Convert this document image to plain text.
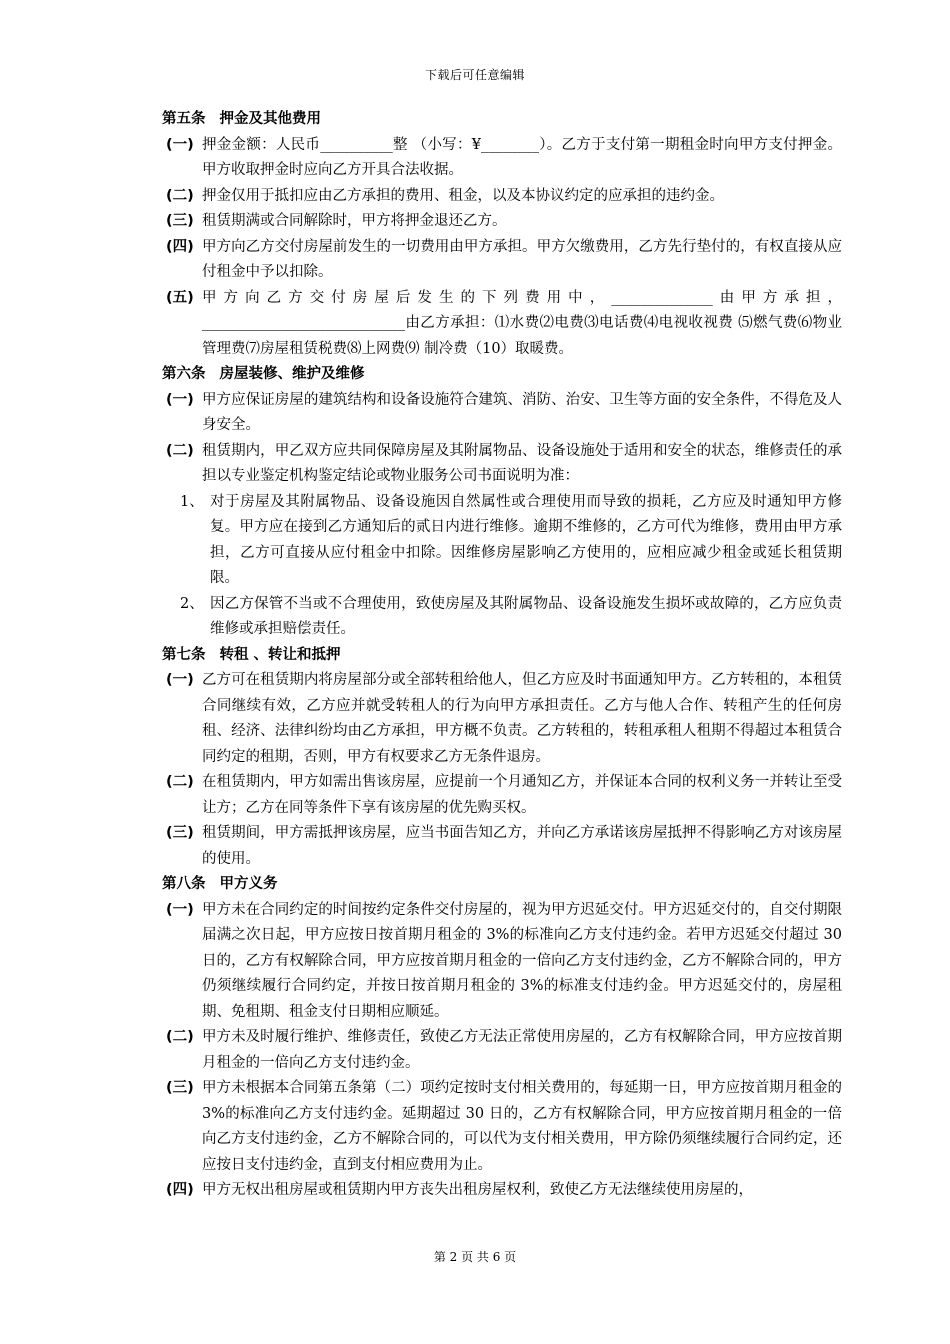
下载后可任意编辑

第五条 押金及其他费用

(一) 押金金额：人民币__________整 （小写：¥________）。乙方于支付第一期租金时向甲方支付押金。甲方收取押金时应向乙方开具合法收据。
(二) 押金仅用于抵扣应由乙方承担的费用、租金，以及本协议约定的应承担的违约金。
(三) 租赁期满或合同解除时，甲方将押金退还乙方。
(四) 甲方向乙方交付房屋前发生的一切费用由甲方承担。甲方欠缴费用，乙方先行垫付的，有权直接从应付租金中予以扣除。
(五) 甲方向乙方交付房屋后发生的下列费用中，______________由甲方承担，____________________________由乙方承担：⑴水费⑵电费⑶电话费⑷电视收视费 ⑸燃气费⑹物业管理费⑺房屋租赁税费⑻上网费⑼ 制冷费（10）取暖费。

第六条 房屋装修、维护及维修

(一) 甲方应保证房屋的建筑结构和设备设施符合建筑、消防、治安、卫生等方面的安全条件，不得危及人身安全。
(二) 租赁期内，甲乙双方应共同保障房屋及其附属物品、设备设施处于适用和安全的状态，维修责任的承担以专业鉴定机构鉴定结论或物业服务公司书面说明为准：
1、 对于房屋及其附属物品、设备设施因自然属性或合理使用而导致的损耗，乙方应及时通知甲方修复。甲方应在接到乙方通知后的贰日内进行维修。逾期不维修的，乙方可代为维修，费用由甲方承担，乙方可直接从应付租金中扣除。因维修房屋影响乙方使用的，应相应减少租金或延长租赁期限。
2、 因乙方保管不当或不合理使用，致使房屋及其附属物品、设备设施发生损坏或故障的，乙方应负责维修或承担赔偿责任。

第七条 转租 、转让和抵押

(一) 乙方可在租赁期内将房屋部分或全部转租给他人，但乙方应及时书面通知甲方。乙方转租的，本租赁合同继续有效，乙方应并就受转租人的行为向甲方承担责任。乙方与他人合作、转租产生的任何房租、经济、法律纠纷均由乙方承担，甲方概不负责。乙方转租的，转租承租人租期不得超过本租赁合同约定的租期，否则，甲方有权要求乙方无条件退房。
(二) 在租赁期内，甲方如需出售该房屋，应提前一个月通知乙方，并保证本合同的权利义务一并转让至受让方；乙方在同等条件下享有该房屋的优先购买权。
(三) 租赁期间，甲方需抵押该房屋，应当书面告知乙方，并向乙方承诺该房屋抵押不得影响乙方对该房屋的使用。

第八条 甲方义务

(一) 甲方未在合同约定的时间按约定条件交付房屋的，视为甲方迟延交付。甲方迟延交付的，自交付期限届满之次日起，甲方应按日按首期月租金的 3%的标准向乙方支付违约金。若甲方迟延交付超过 30 日的，乙方有权解除合同，甲方应按首期月租金的一倍向乙方支付违约金，乙方不解除合同的，甲方仍须继续履行合同约定，并按日按首期月租金的 3%的标准支付违约金。甲方迟延交付的，房屋租期、免租期、租金支付日期相应顺延。
(二) 甲方未及时履行维护、维修责任，致使乙方无法正常使用房屋的，乙方有权解除合同，甲方应按首期月租金的一倍向乙方支付违约金。
(三) 甲方未根据本合同第五条第（二）项约定按时支付相关费用的，每延期一日，甲方应按首期月租金的 3%的标准向乙方支付违约金。延期超过 30 日的，乙方有权解除合同，甲方应按首期月租金的一倍向乙方支付违约金，乙方不解除合同的，可以代为支付相关费用，甲方除仍须继续履行合同约定，还应按日支付违约金，直到支付相应费用为止。
(四) 甲方无权出租房屋或租赁期内甲方丧失出租房屋权利，致使乙方无法继续使用房屋的，
第 2 页 共 6 页
